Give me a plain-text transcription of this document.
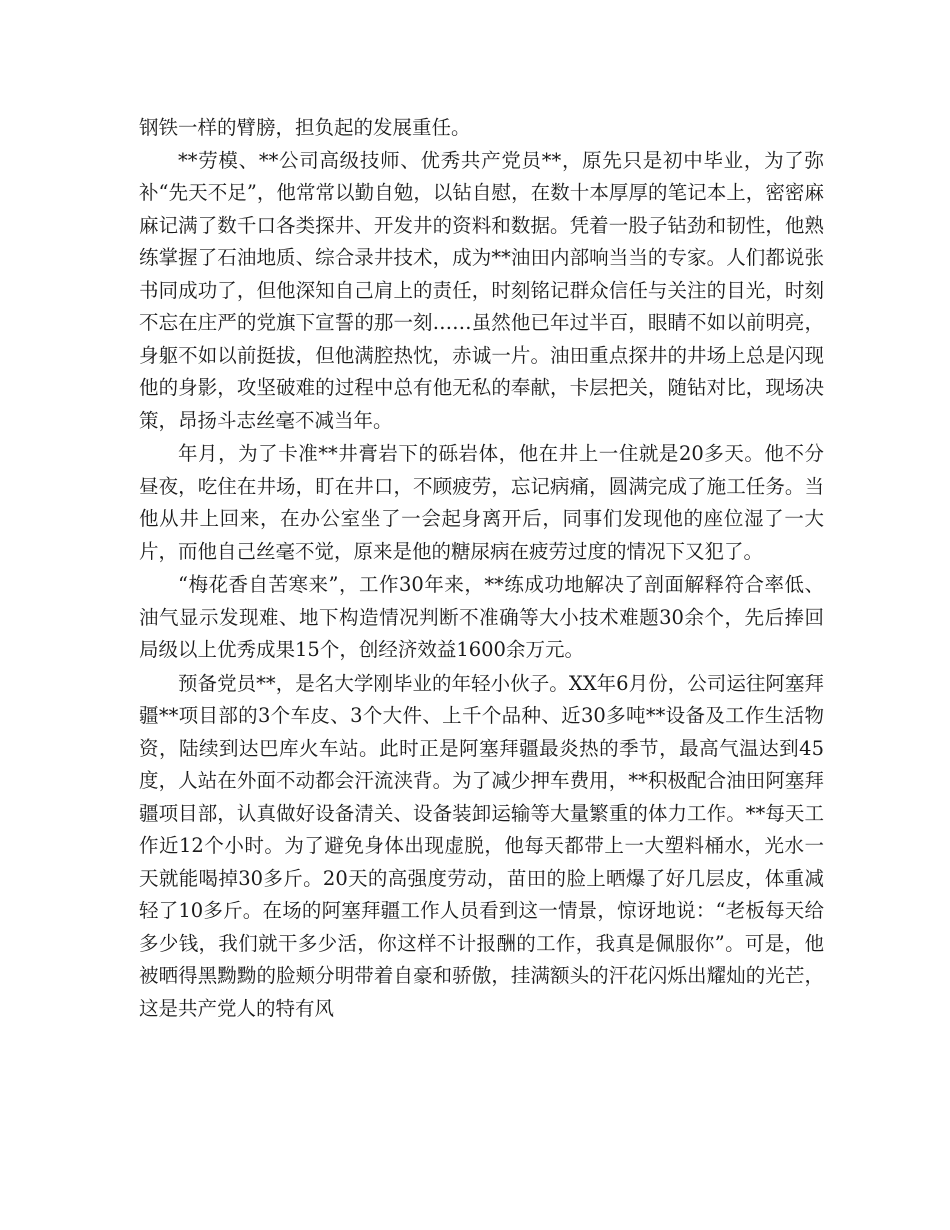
钢铁一样的臂膀，担负起的发展重任。

**劳模、**公司高级技师、优秀共产党员**，原先只是初中毕业，为了弥补“先天不足”，他常常以勤自勉，以钻自慰，在数十本厚厚的笔记本上，密密麻麻记满了数千口各类探井、开发井的资料和数据。凭着一股子钻劲和韧性，他熟练掌握了石油地质、综合录井技术，成为**油田内部响当当的专家。人们都说张书同成功了，但他深知自己肩上的责任，时刻铭记群众信任与关注的目光，时刻不忘在庄严的党旗下宣誓的那一刻……虽然他已年过半百，眼睛不如以前明亮，身躯不如以前挺拔，但他满腔热忱，赤诚一片。油田重点探井的井场上总是闪现他的身影，攻坚破难的过程中总有他无私的奉献，卡层把关，随钻对比，现场决策，昂扬斗志丝毫不减当年。

年月，为了卡准**井膏岩下的砾岩体，他在井上一住就是20多天。他不分昼夜，吃住在井场，盯在井口，不顾疲劳，忘记病痛，圆满完成了施工任务。当他从井上回来，在办公室坐了一会起身离开后，同事们发现他的座位湿了一大片，而他自己丝毫不觉，原来是他的糖尿病在疲劳过度的情况下又犯了。

“梅花香自苦寒来”，工作30年来，**练成功地解决了剖面解释符合率低、油气显示发现难、地下构造情况判断不准确等大小技术难题30余个，先后捧回局级以上优秀成果15个，创经济效益1600余万元。

预备党员**，是名大学刚毕业的年轻小伙子。XX年6月份，公司运往阿塞拜疆**项目部的3个车皮、3个大件、上千个品种、近30多吨**设备及工作生活物资，陆续到达巴库火车站。此时正是阿塞拜疆最炎热的季节，最高气温达到45度，人站在外面不动都会汗流浃背。为了减少押车费用，**积极配合油田阿塞拜疆项目部，认真做好设备清关、设备装卸运输等大量繁重的体力工作。**每天工作近12个小时。为了避免身体出现虚脱，他每天都带上一大塑料桶水，光水一天就能喝掉30多斤。20天的高强度劳动，苗田的脸上晒爆了好几层皮，体重减轻了10多斤。在场的阿塞拜疆工作人员看到这一情景，惊讶地说：“老板每天给多少钱，我们就干多少活，你这样不计报酬的工作，我真是佩服你”。可是，他被晒得黑黝黝的脸颊分明带着自豪和骄傲，挂满额头的汗花闪烁出耀灿的光芒，这是共产党人的特有风
